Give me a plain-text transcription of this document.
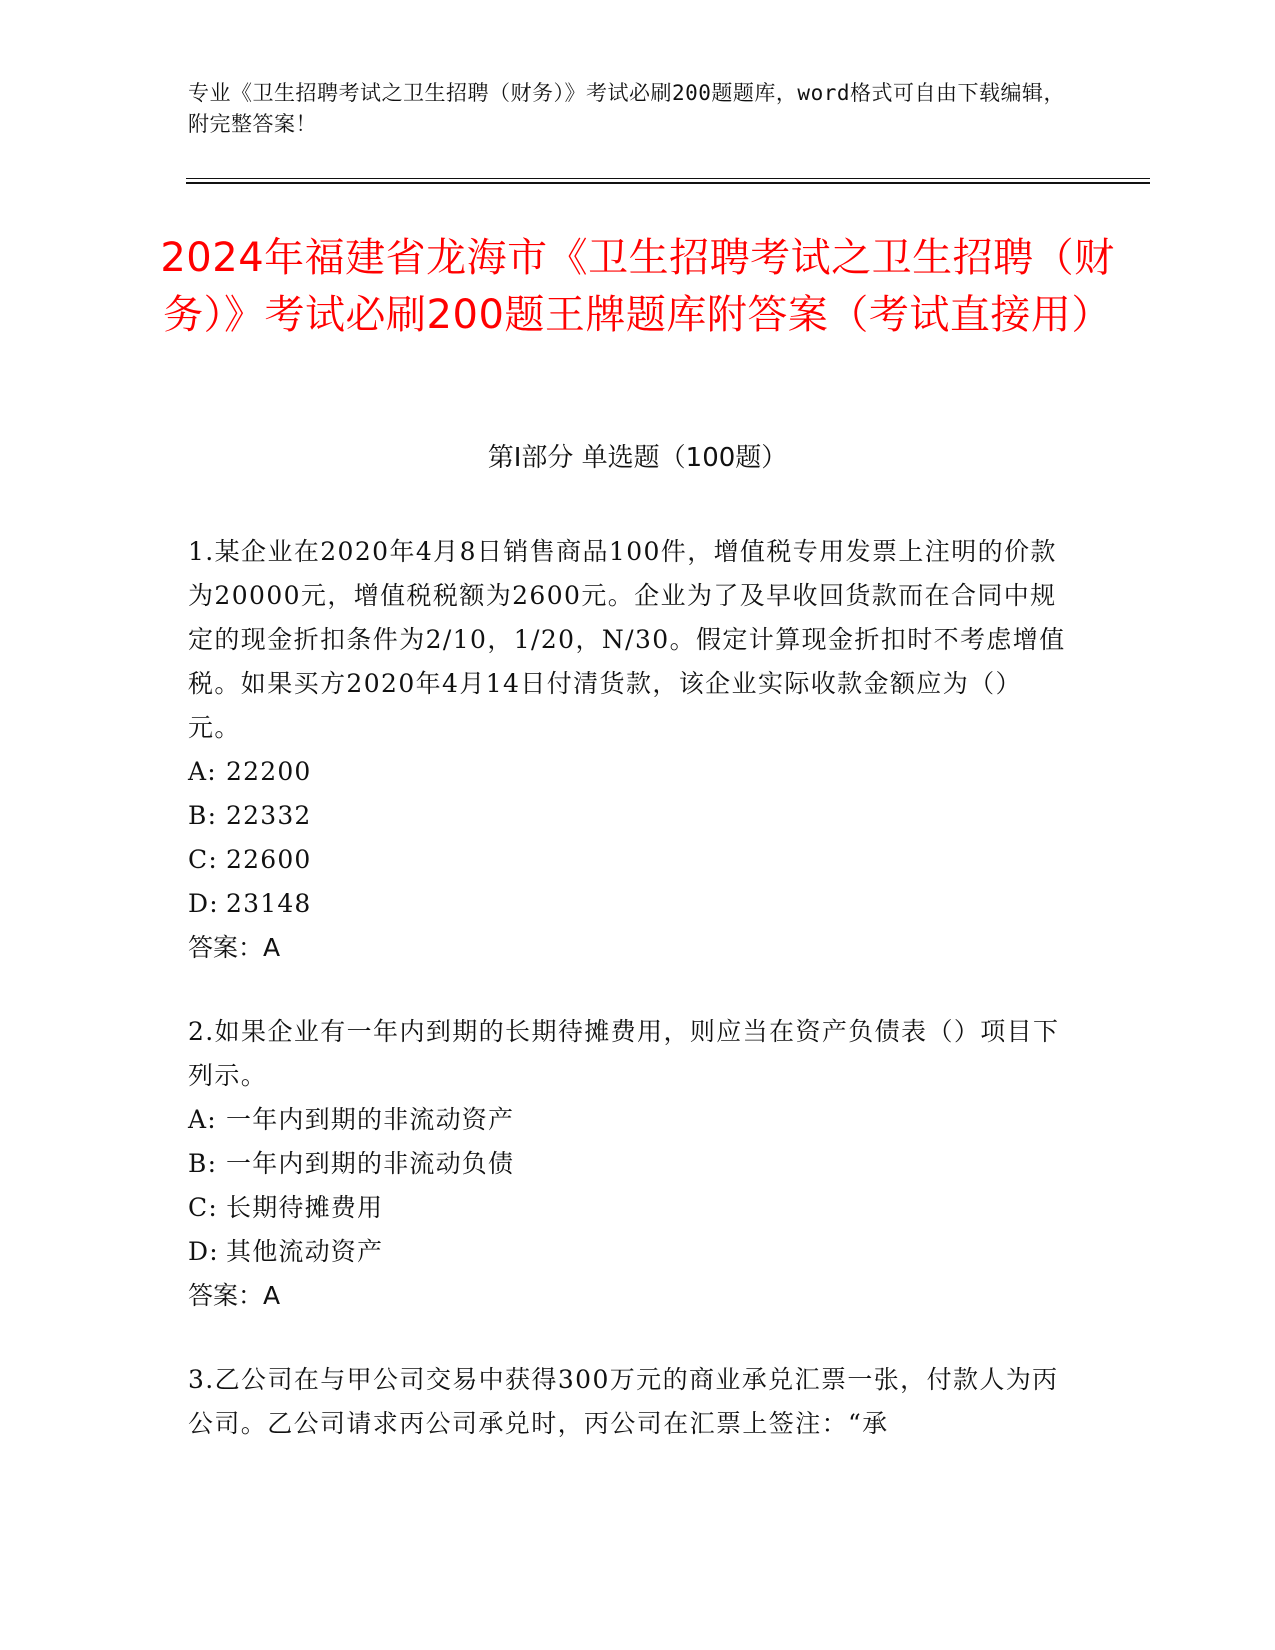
专业《卫生招聘考试之卫生招聘（财务）》考试必刷200题题库，word格式可自由下载编辑，附完整答案！
2024年福建省龙海市《卫生招聘考试之卫生招聘（财务）》考试必刷200题王牌题库附答案（考试直接用）
第I部分 单选题（100题）
1.某企业在2020年4月8日销售商品100件，增值税专用发票上注明的价款为20000元，增值税税额为2600元。企业为了及早收回货款而在合同中规定的现金折扣条件为2/10，1/20，N/30。假定计算现金折扣时不考虑增值税。如果买方2020年4月14日付清货款，该企业实际收款金额应为（）元。
A: 22200
B: 22332
C: 22600
D: 23148
答案：A
2.如果企业有一年内到期的长期待摊费用，则应当在资产负债表（）项目下列示。
A: 一年内到期的非流动资产
B: 一年内到期的非流动负债
C: 长期待摊费用
D: 其他流动资产
答案：A
3.乙公司在与甲公司交易中获得300万元的商业承兑汇票一张，付款人为丙公司。乙公司请求丙公司承兑时，丙公司在汇票上签注：“承
